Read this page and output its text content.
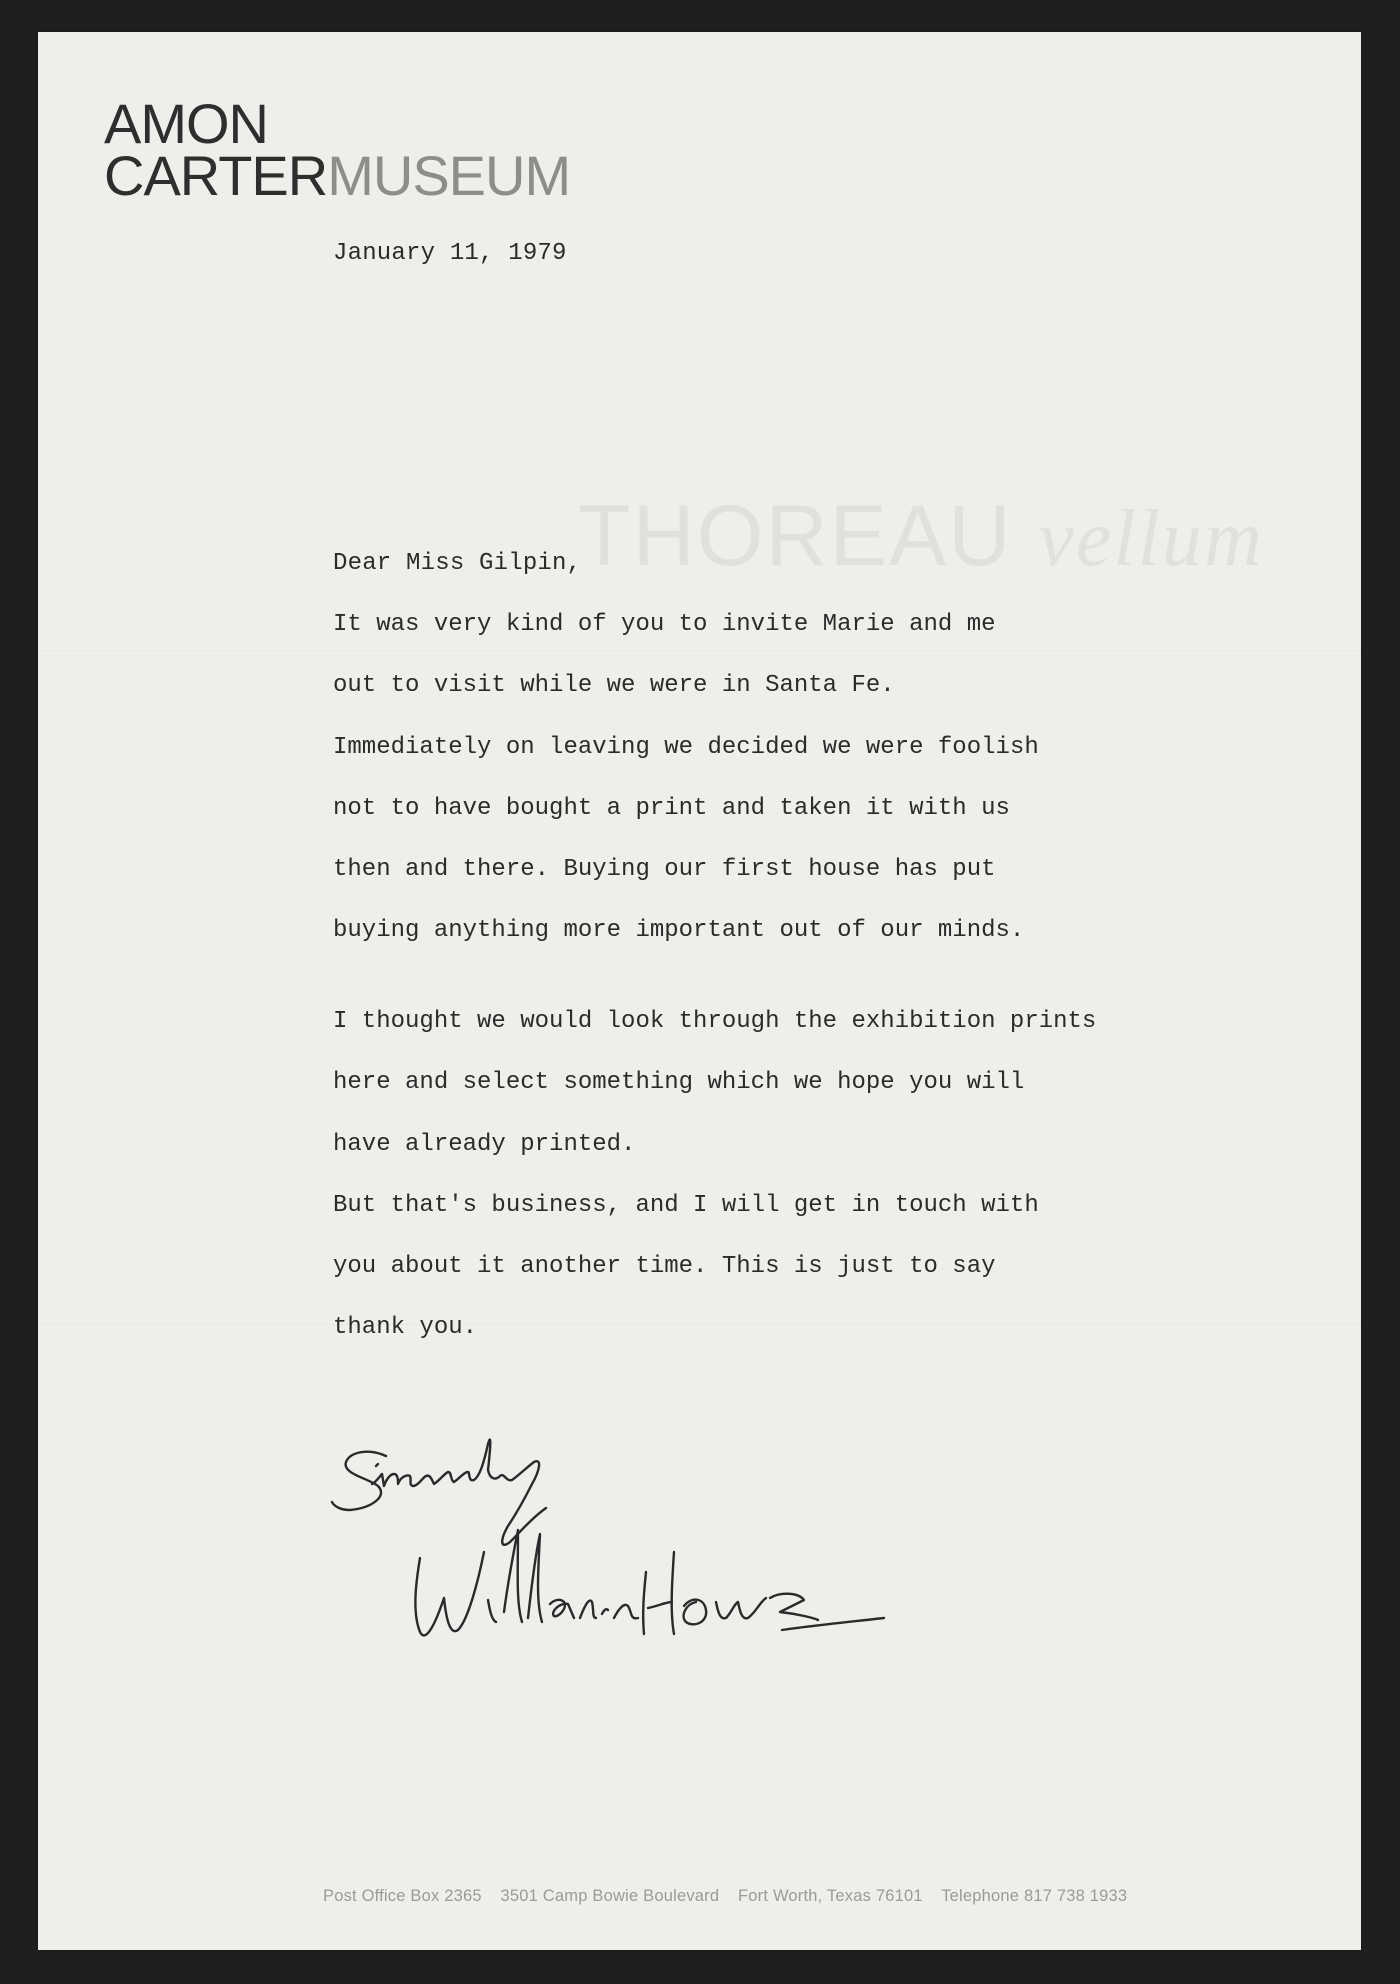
AMON
CARTERMUSEUM
THOREAU vellum
January 11, 1979
Dear Miss Gilpin,
It was very kind of you to invite Marie and me
out to visit while we were in Santa Fe.
Immediately on leaving we decided we were foolish
not to have bought a print and taken it with us
then and there. Buying our first house has put
buying anything more important out of our minds.
I thought we would look through the exhibition prints
here and select something which we hope you will
have already printed.
But that's business, and I will get in touch with
you about it another time. This is just to say
thank you.
Post Office Box 2365 3501 Camp Bowie Boulevard Fort Worth, Texas 76101 Telephone 817 738 1933
